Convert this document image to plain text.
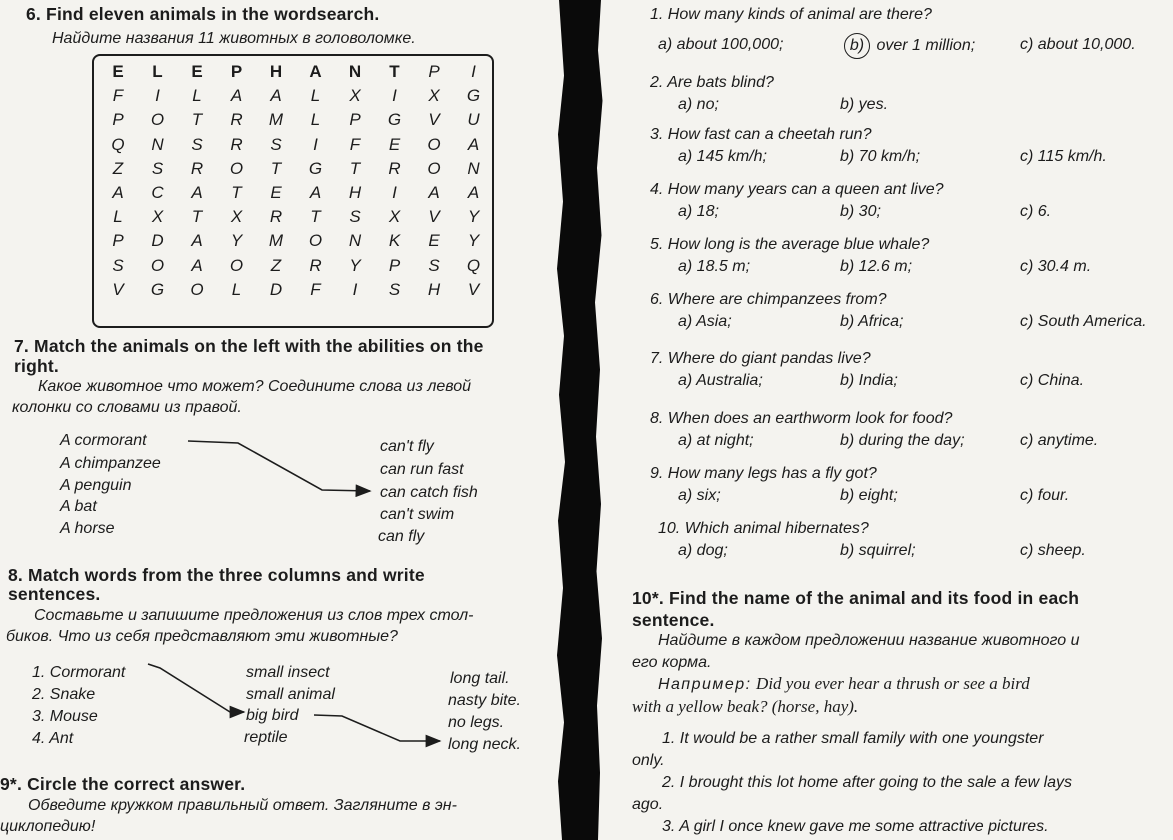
6. Find eleven animals in the wordsearch.
Найдите названия 11 животных в головоломке.
E	L	E	P	H	A	N	T	P	I
F	I	L	A	A	L	X	I	X	G
P	O	T	R	M	L	P	G	V	U
Q	N	S	R	S	I	F	E	O	A
Z	S	R	O	T	G	T	R	O	N
A	C	A	T	E	A	H	I	A	A
L	X	T	X	R	T	S	X	V	Y
P	D	A	Y	M	O	N	K	E	Y
S	O	A	O	Z	R	Y	P	S	Q
V	G	O	L	D	F	I	S	H	V
7. Match the animals on the left with the abilities on the
right.
Какое животное что может? Соедините слова из левой
колонки со словами из правой.
A cormorant
A chimpanzee
A penguin
A bat
A horse
can't fly
can run fast
can catch fish
can't swim
can fly
8. Match words from the three columns and write
sentences.
Составьте и запишите предложения из слов трех стол-
биков. Что из себя представляют эти животные?
1. Cormorant
2. Snake
3. Mouse
4. Ant
small insect
small animal
big bird
reptile
long tail.
nasty bite.
no legs.
long neck.
9*. Circle the correct answer.
Обведите кружком правильный ответ. Загляните в эн-
циклопедию!
1. How many kinds of animal are there?
a) about 100,000;	b) over 1 million;	c) about 10,000.
2. Are bats blind?
a) no;	b) yes.
3. How fast can a cheetah run?
a) 145 km/h;	b) 70 km/h;	c) 115 km/h.
4. How many years can a queen ant live?
a) 18;	b) 30;	c) 6.
5. How long is the average blue whale?
a) 18.5 m;	b) 12.6 m;	c) 30.4 m.
6. Where are chimpanzees from?
a) Asia;	b) Africa;	c) South America.
7. Where do giant pandas live?
a) Australia;	b) India;	c) China.
8. When does an earthworm look for food?
a) at night;	b) during the day;	c) anytime.
9. How many legs has a fly got?
a) six;	b) eight;	c) four.
10. Which animal hibernates?
a) dog;	b) squirrel;	c) sheep.
10*. Find the name of the animal and its food in each
sentence.
Найдите в каждом предложении название животного и
его корма.
Например: Did you ever hear a thrush or see a bird
with a yellow beak? (horse, hay).
1. It would be a rather small family with one youngster
only.
2. I brought this lot home after going to the sale a few lays
ago.
3. A girl I once knew gave me some attractive pictures.
